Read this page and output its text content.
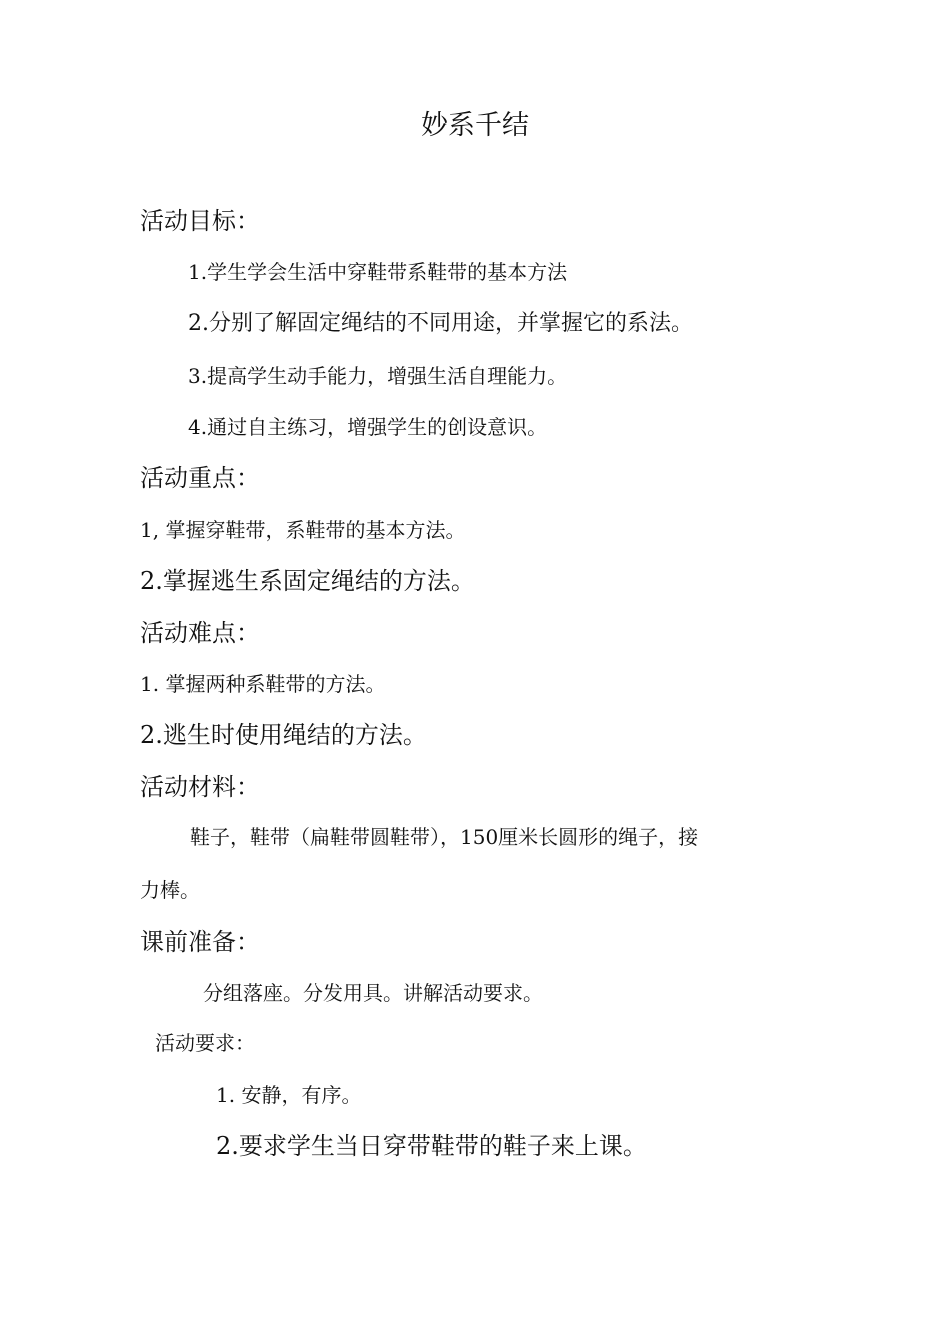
妙系千结
活动目标：
1.学生学会生活中穿鞋带系鞋带的基本方法
2.分别了解固定绳结的不同用途，并掌握它的系法。
3.提高学生动手能力，增强生活自理能力。
4.通过自主练习，增强学生的创设意识。
活动重点：
1, 掌握穿鞋带，系鞋带的基本方法。
2.掌握逃生系固定绳结的方法。
活动难点：
1. 掌握两种系鞋带的方法。
2.逃生时使用绳结的方法。
活动材料：
鞋子，鞋带（扁鞋带圆鞋带），150厘米长圆形的绳子，接
力棒。
课前准备：
分组落座。分发用具。讲解活动要求。
活动要求：
1. 安静，有序。
2.要求学生当日穿带鞋带的鞋子来上课。
